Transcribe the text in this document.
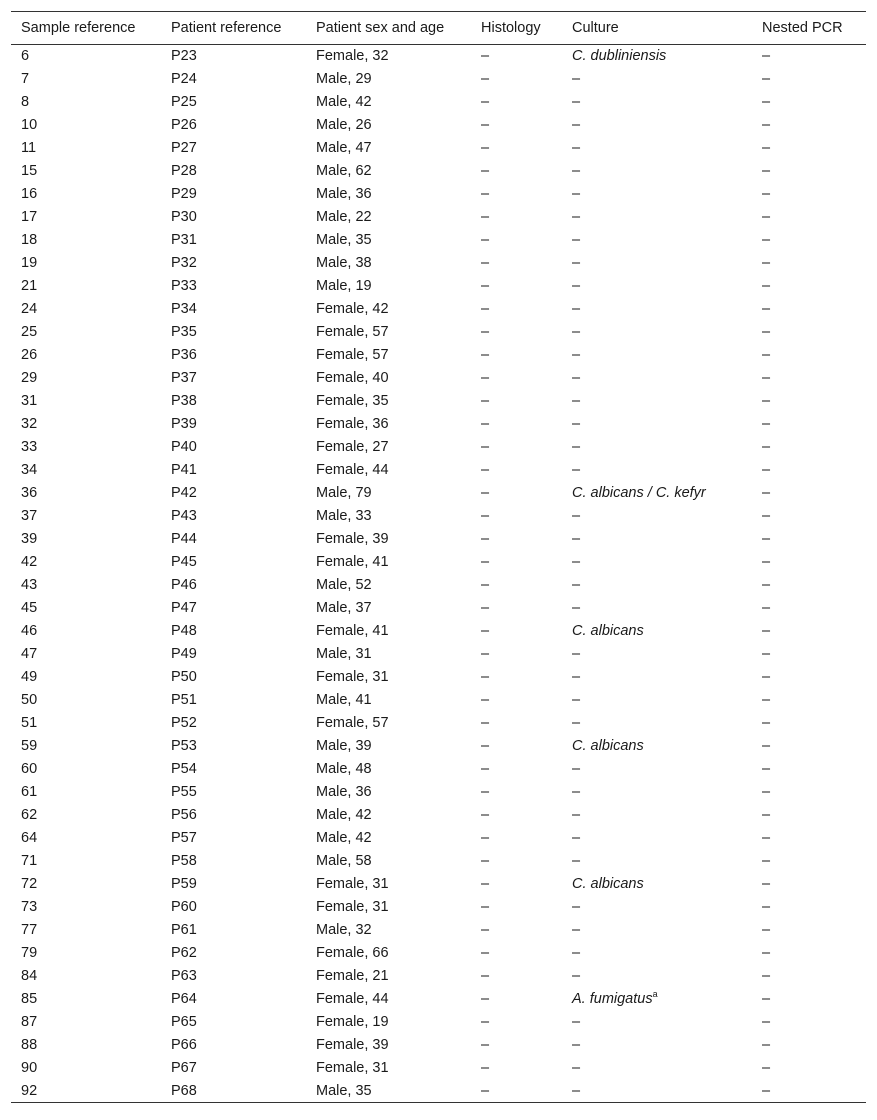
Sample reference	Patient reference	Patient sex and age	Histology	Culture	Nested PCR
6	P23	Female, 32	–	C. dubliniensis	–
7	P24	Male, 29	–	–	–
8	P25	Male, 42	–	–	–
10	P26	Male, 26	–	–	–
11	P27	Male, 47	–	–	–
15	P28	Male, 62	–	–	–
16	P29	Male, 36	–	–	–
17	P30	Male, 22	–	–	–
18	P31	Male, 35	–	–	–
19	P32	Male, 38	–	–	–
21	P33	Male, 19	–	–	–
24	P34	Female, 42	–	–	–
25	P35	Female, 57	–	–	–
26	P36	Female, 57	–	–	–
29	P37	Female, 40	–	–	–
31	P38	Female, 35	–	–	–
32	P39	Female, 36	–	–	–
33	P40	Female, 27	–	–	–
34	P41	Female, 44	–	–	–
36	P42	Male, 79	–	C. albicans / C. kefyr	–
37	P43	Male, 33	–	–	–
39	P44	Female, 39	–	–	–
42	P45	Female, 41	–	–	–
43	P46	Male, 52	–	–	–
45	P47	Male, 37	–	–	–
46	P48	Female, 41	–	C. albicans	–
47	P49	Male, 31	–	–	–
49	P50	Female, 31	–	–	–
50	P51	Male, 41	–	–	–
51	P52	Female, 57	–	–	–
59	P53	Male, 39	–	C. albicans	–
60	P54	Male, 48	–	–	–
61	P55	Male, 36	–	–	–
62	P56	Male, 42	–	–	–
64	P57	Male, 42	–	–	–
71	P58	Male, 58	–	–	–
72	P59	Female, 31	–	C. albicans	–
73	P60	Female, 31	–	–	–
77	P61	Male, 32	–	–	–
79	P62	Female, 66	–	–	–
84	P63	Female, 21	–	–	–
85	P64	Female, 44	–	A. fumigatus$^a$	–
87	P65	Female, 19	–	–	–
88	P66	Female, 39	–	–	–
90	P67	Female, 31	–	–	–
92	P68	Male, 35	–	–	–
